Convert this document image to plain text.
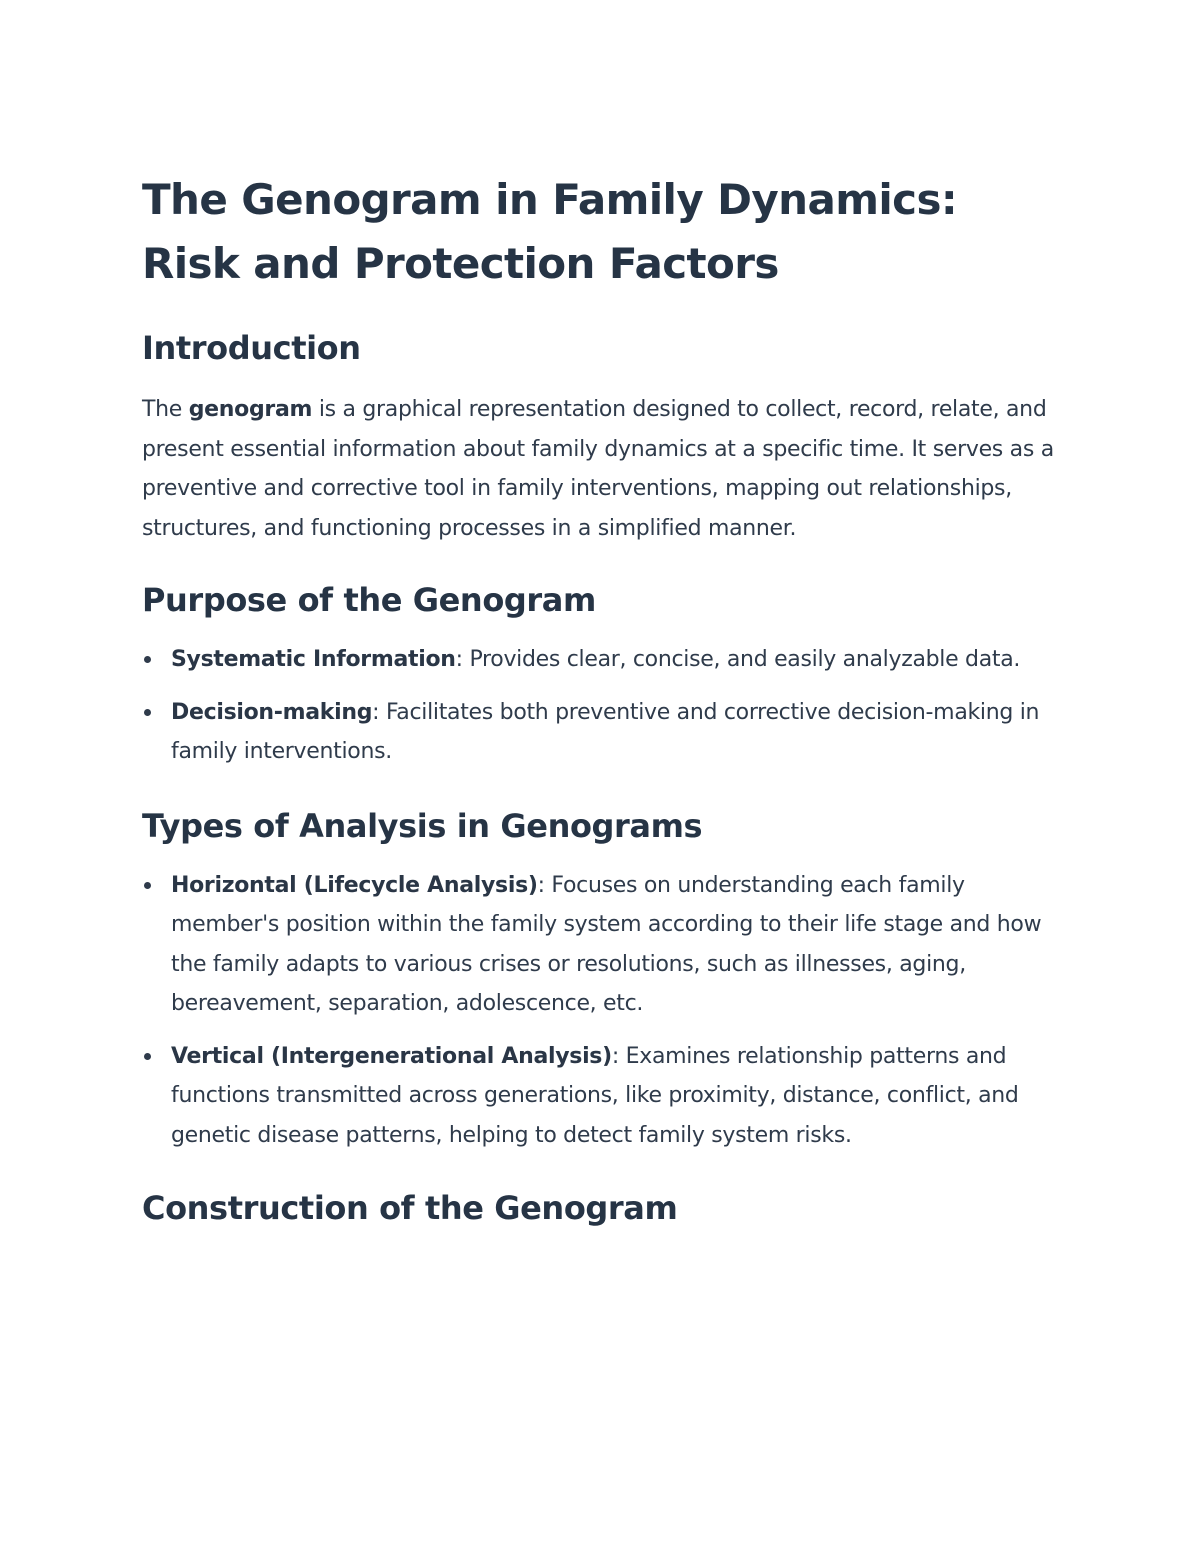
The Genogram in Family Dynamics: Risk and Protection Factors
Introduction

The genogram is a graphical representation designed to collect, record, relate, and present essential information about family dynamics at a specific time. It serves as a preventive and corrective tool in family interventions, mapping out relationships, structures, and functioning processes in a simplified manner.

Purpose of the Genogram
Systematic Information: Provides clear, concise, and easily analyzable data.
Decision-making: Facilitates both preventive and corrective decision-making in family interventions.
Types of Analysis in Genograms
Horizontal (Lifecycle Analysis): Focuses on understanding each family member's position within the family system according to their life stage and how the family adapts to various crises or resolutions, such as illnesses, aging, bereavement, separation, adolescence, etc.
Vertical (Intergenerational Analysis): Examines relationship patterns and functions transmitted across generations, like proximity, distance, conflict, and genetic disease patterns, helping to detect family system risks.
Construction of the Genogram
